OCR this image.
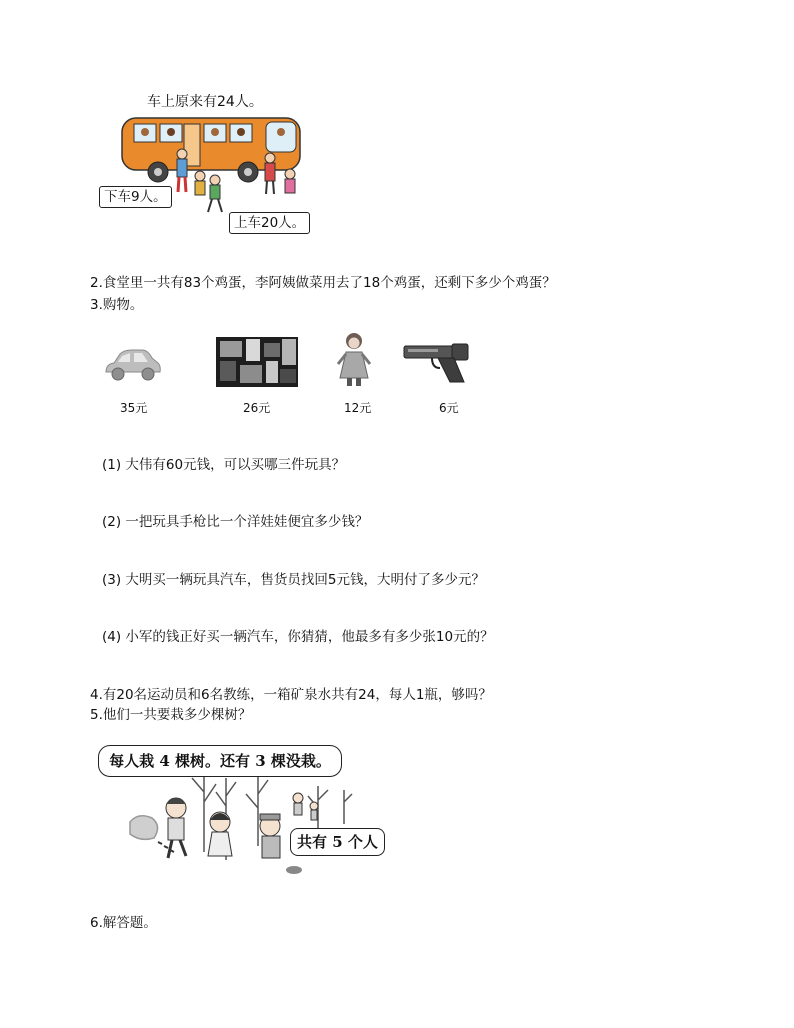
车上原来有24人。
下车9人。
上车20人。
2.食堂里一共有83个鸡蛋，李阿姨做菜用去了18个鸡蛋，还剩下多少个鸡蛋？
3.购物。
35元	26元	12元	6元
(1) 大伟有60元钱，可以买哪三件玩具？
(2) 一把玩具手枪比一个洋娃娃便宜多少钱？
(3) 大明买一辆玩具汽车，售货员找回5元钱，大明付了多少元？
(4) 小军的钱正好买一辆汽车，你猜猜，他最多有多少张10元的？
4.有20名运动员和6名教练，一箱矿泉水共有24，每人1瓶，够吗？
5.他们一共要栽多少棵树？
每人栽 4 棵树。还有 3 棵没栽。
共有 5 个人
6.解答题。
